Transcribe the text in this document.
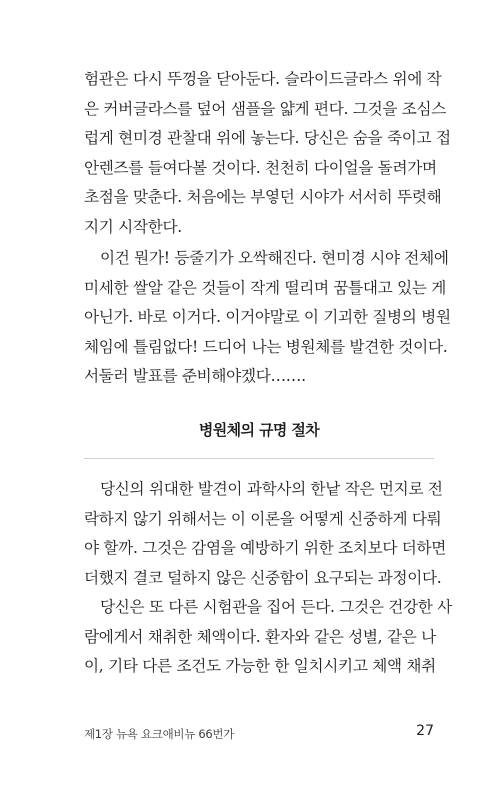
험관은 다시 뚜껑을 닫아둔다. 슬라이드글라스 위에 작
은 커버글라스를 덮어 샘플을 얇게 편다. 그것을 조심스
럽게 현미경 관찰대 위에 놓는다. 당신은 숨을 죽이고 접
안렌즈를 들여다볼 것이다. 천천히 다이얼을 돌려가며
초점을 맞춘다. 처음에는 부옇던 시야가 서서히 뚜렷해
지기 시작한다.

이건 뭔가! 등줄기가 오싹해진다. 현미경 시야 전체에
미세한 쌀알 같은 것들이 작게 떨리며 꿈틀대고 있는 게
아닌가. 바로 이거다. 이거야말로 이 기괴한 질병의 병원
체임에 틀림없다! 드디어 나는 병원체를 발견한 것이다.
서둘러 발표를 준비해야겠다…….

병원체의 규명 절차

당신의 위대한 발견이 과학사의 한낱 작은 먼지로 전
락하지 않기 위해서는 이 이론을 어떻게 신중하게 다뤄
야 할까. 그것은 감염을 예방하기 위한 조치보다 더하면
더했지 결코 덜하지 않은 신중함이 요구되는 과정이다.

당신은 또 다른 시험관을 집어 든다. 그것은 건강한 사
람에게서 채취한 체액이다. 환자와 같은 성별, 같은 나
이, 기타 다른 조건도 가능한 한 일치시키고 체액 채취

제1장 뉴욕 요크애비뉴 66번가	27
